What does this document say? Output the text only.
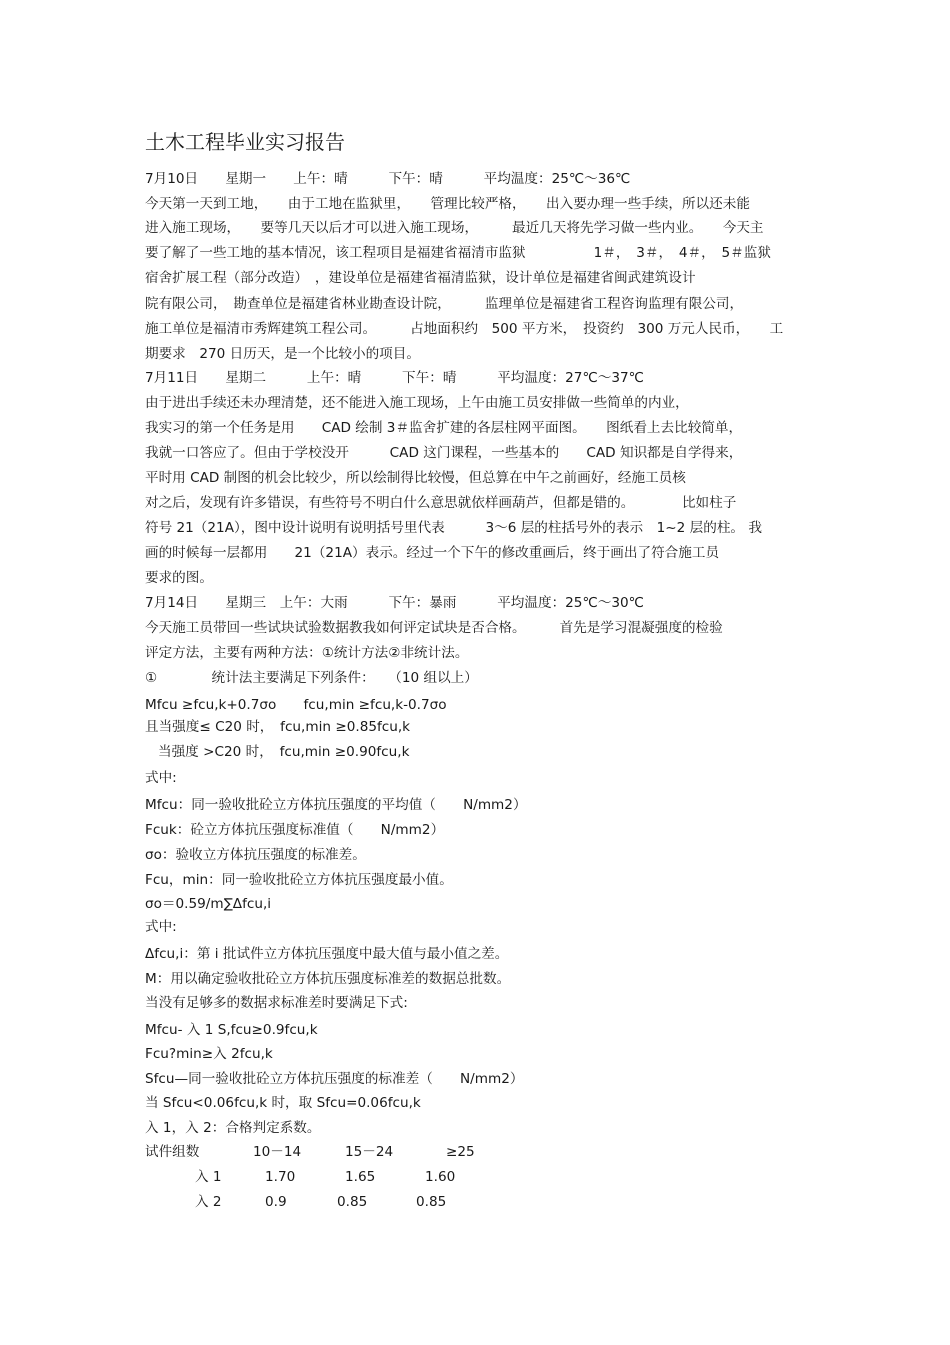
土木工程毕业实习报告
7月10日　　星期一　　上午：晴　　　下午：晴　　　平均温度：25℃～36℃
今天第一天到工地，　　由于工地在监狱里，　　管理比较严格，　　出入要办理一些手续，所以还未能
进入施工现场，　　要等几天以后才可以进入施工现场，　　　最近几天将先学习做一些内业。　　今天主
要了解了一些工地的基本情况，该工程项目是福建省福清市监狱　　　　　1＃，　3＃，　4＃，　5＃监狱
宿舍扩展工程（部分改造）　，建设单位是福建省福清监狱，设计单位是福建省闽武建筑设计
院有限公司，　勘查单位是福建省林业勘查设计院，　　　监理单位是福建省工程咨询监理有限公司，
施工单位是福清市秀辉建筑工程公司。　　　占地面积约　500 平方米，　投资约　300 万元人民币，　　工
期要求　270 日历天，是一个比较小的项目。
7月11日　　星期二　　　上午：晴　　　下午：晴　　　平均温度：27℃～37℃
由于进出手续还未办理清楚，还不能进入施工现场，上午由施工员安排做一些简单的内业，
我实习的第一个任务是用　　CAD 绘制 3＃监舍扩建的各层柱网平面图。　　图纸看上去比较简单，
我就一口答应了。但由于学校没开　　　CAD 这门课程，一些基本的　　CAD 知识都是自学得来，
平时用 CAD 制图的机会比较少，所以绘制得比较慢，但总算在中午之前画好，经施工员核
对之后，发现有许多错误，有些符号不明白什么意思就依样画葫芦，但都是错的。　　　　比如柱子
符号 21（21A），图中设计说明有说明括号里代表　　　3～6 层的柱括号外的表示　1~2 层的柱。 我
画的时候每一层都用　　21（21A）表示。经过一个下午的修改重画后，终于画出了符合施工员
要求的图。
7月14日　　星期三　上午：大雨　　　下午：暴雨　　　平均温度：25℃～30℃
今天施工员带回一些试块试验数据教我如何评定试块是否合格。　　　首先是学习混凝强度的检验
评定方法，主要有两种方法：①统计方法②非统计法。
①　　　　统计法主要满足下列条件：　　（10 组以上）
Mfcu ≥fcu,k+0.7σo　　fcu,min ≥fcu,k-0.7σo
且当强度≤ C20 时，　fcu,min ≥0.85fcu,k
当强度 >C20 时，　fcu,min ≥0.90fcu,k
式中:
Mfcu：同一验收批砼立方体抗压强度的平均值（　　N/mm2）
Fcuk：砼立方体抗压强度标准值（　　N/mm2）
σo：验收立方体抗压强度的标准差。
Fcu，min：同一验收批砼立方体抗压强度最小值。
σo＝0.59/m∑Δfcu,i
式中:
Δfcu,i：第 i 批试件立方体抗压强度中最大值与最小值之差。
M：用以确定验收批砼立方体抗压强度标准差的数据总批数。
当没有足够多的数据求标准差时要满足下式:
Mfcu- 入 1 S,fcu≥0.9fcu,k
Fcu?min≥入 2fcu,k
Sfcu—同一验收批砼立方体抗压强度的标准差（　　N/mm2）
当 Sfcu<0.06fcu,k 时，取 Sfcu=0.06fcu,k
入 1，入 2：合格判定系数。
试件组数	10－14	15－24	≥25
入 1	1.70	1.65	1.60
入 2	0.9	0.85	0.85
